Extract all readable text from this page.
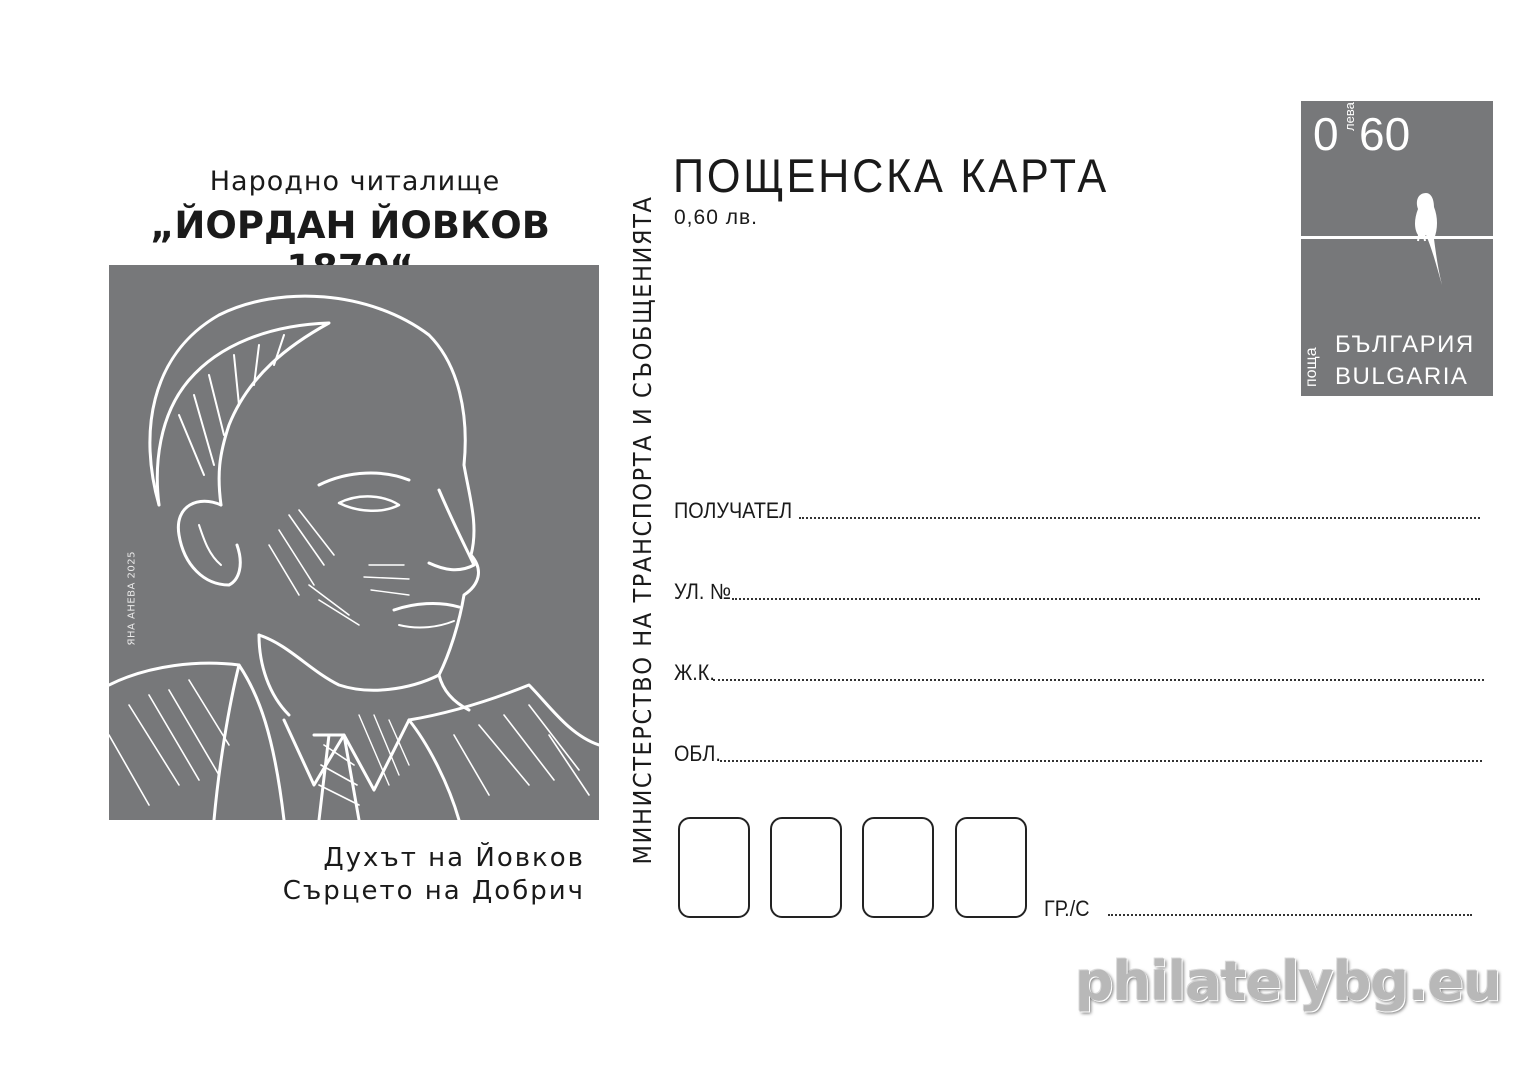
Народно читалище
„ЙОРДАН ЙОВКОВ
ЯНА АНЕВА 2025
Духът на Йовков
Сърцето на Добрич
МИНИСТЕРСТВО НА ТРАНСПОРТА И СЪОБЩЕНИЯТА
ПОЩЕНСКА КАРТА
0,60 лв.
0 лева 60
поща
БЪЛГАРИЯ
BULGARIA
ПОЛУЧАТЕЛ
УЛ. №
Ж.К.
ОБЛ.
ГР./С
philatelybg.eu
